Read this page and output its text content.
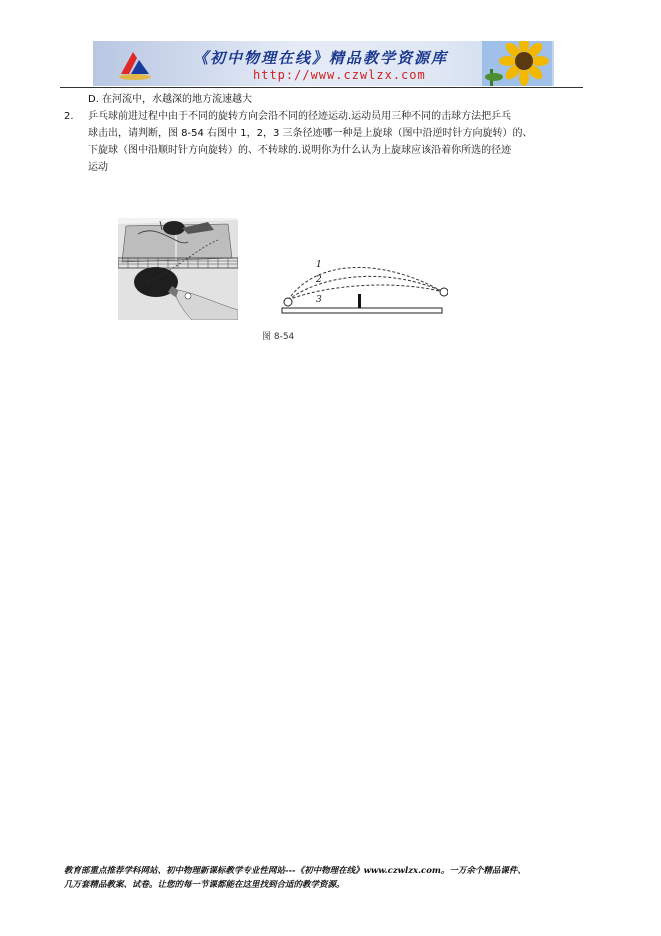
《初中物理在线》精品教学资源库
http://www.czwlzx.com
D. 在河流中，水越深的地方流速越大
2. 乒乓球前进过程中由于不同的旋转方向会沿不同的径迹运动.运动员用三种不同的击球方法把乒乓
球击出，请判断，图 8-54 右图中 1，2，3 三条径迹哪一种是上旋球（图中沿逆时针方向旋转）的、
下旋球（图中沿顺时针方向旋转）的、不转球的.说明你为什么认为上旋球应该沿着你所选的径迹
运动
1
2
3
图 8-54
教育部重点推荐学科网站、初中物理新课标教学专业性网站---《初中物理在线》www.czwlzx.com。一万余个精品课件、
几万套精品教案、试卷。让您的每一节课都能在这里找到合适的教学资源。
